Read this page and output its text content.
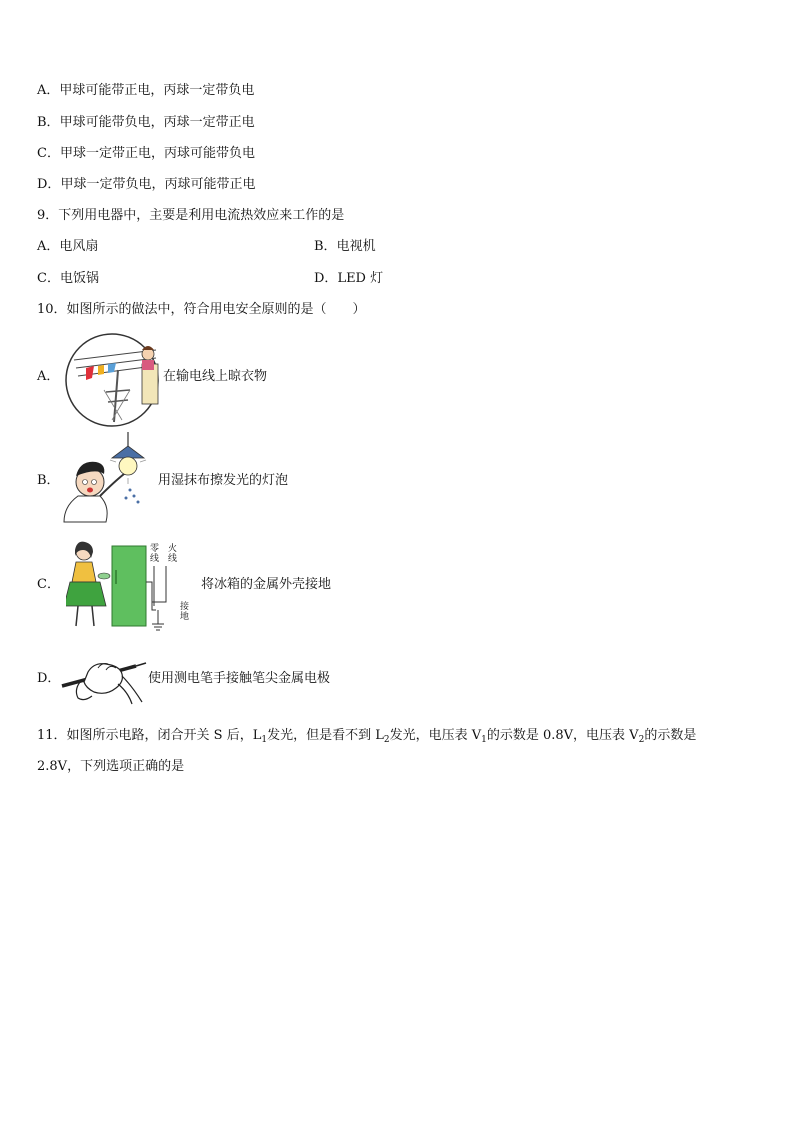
A．甲球可能带正电，丙球一定带负电
B．甲球可能带负电，丙球一定带正电
C．甲球一定带正电，丙球可能带负电
D．甲球一定带负电，丙球可能带正电
9．下列用电器中，主要是利用电流热效应来工作的是
A．电风扇	B．电视机
C．电饭锅	D．LED 灯
10．如图所示的做法中，符合用电安全原则的是（　　）
A．	在输电线上晾衣物
B．	用湿抹布擦发光的灯泡
C．
零
线
火
线
接
地
将冰箱的金属外壳接地
D．	使用测电笔手接触笔尖金属电极
11．如图所示电路，闭合开关 S 后，$L_1$发光，但是看不到 $L_2$发光，电压表 $V_1$的示数是 0.8V，电压表 $V_2$的示数是
2.8V，下列选项正确的是
